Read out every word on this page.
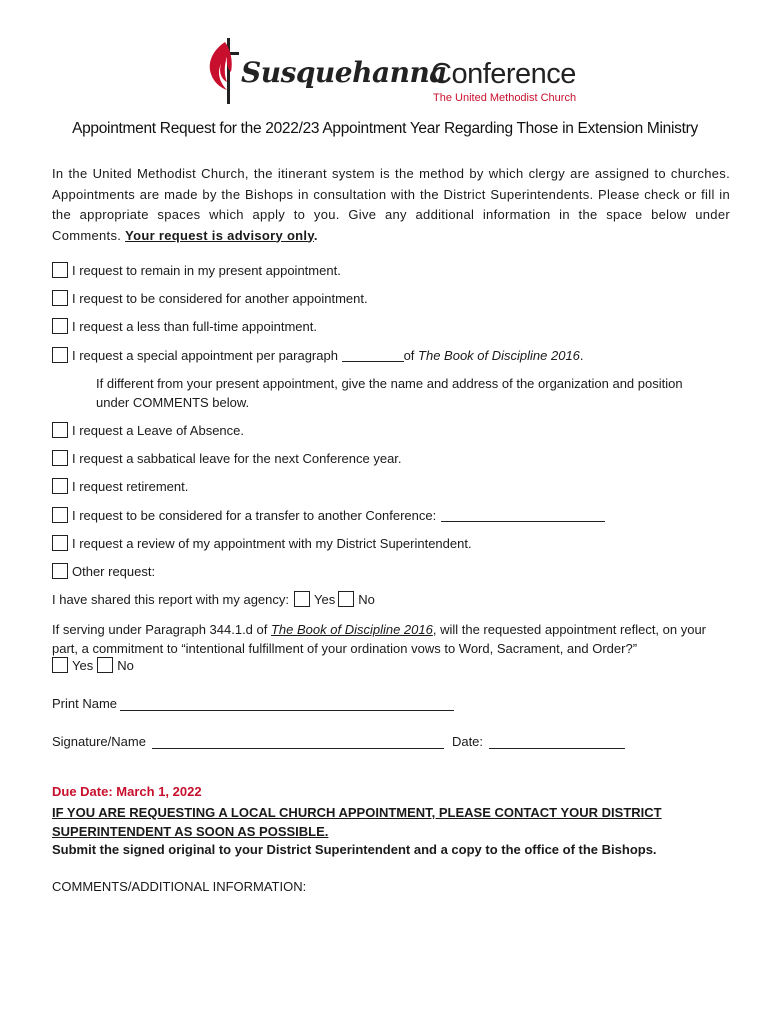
Susquehanna
Conference
The United Methodist Church
Appointment Request for the 2022/23 Appointment Year Regarding Those in Extension Ministry
In the United Methodist Church, the itinerant system is the method by which clergy are assigned to churches. Appointments are made by the Bishops in consultation with the District Superintendents. Please check or fill in the appropriate spaces which apply to you. Give any additional information in the space below under Comments. Your request is advisory only.
I request to remain in my present appointment.
I request to be considered for another appointment.
I request a less than full-time appointment.
I request a special appointment per paragraph	of The Book of Discipline 2016 .
If different from your present appointment, give the name and address of the organization and position under COMMENTS below.
I request a Leave of Absence.
I request a sabbatical leave for the next Conference year.
I request retirement.
I request to be considered for a transfer to another Conference:
I request a review of my appointment with my District Superintendent.
Other request:
I have shared this report with my agency: Yes No
If serving under Paragraph 344.1.d of The Book of Discipline 2016, will the requested appointment reflect, on your part, a commitment to “intentional fulfillment of your ordination vows to Word, Sacrament, and Order?”
Yes No
Print Name
Signature/Name	Date:
Due Date: March 1, 2022
IF YOU ARE REQUESTING A LOCAL CHURCH APPOINTMENT, PLEASE CONTACT YOUR DISTRICT SUPERINTENDENT AS SOON AS POSSIBLE.
Submit the signed original to your District Superintendent and a copy to the office of the Bishops.
COMMENTS/ADDITIONAL INFORMATION:
